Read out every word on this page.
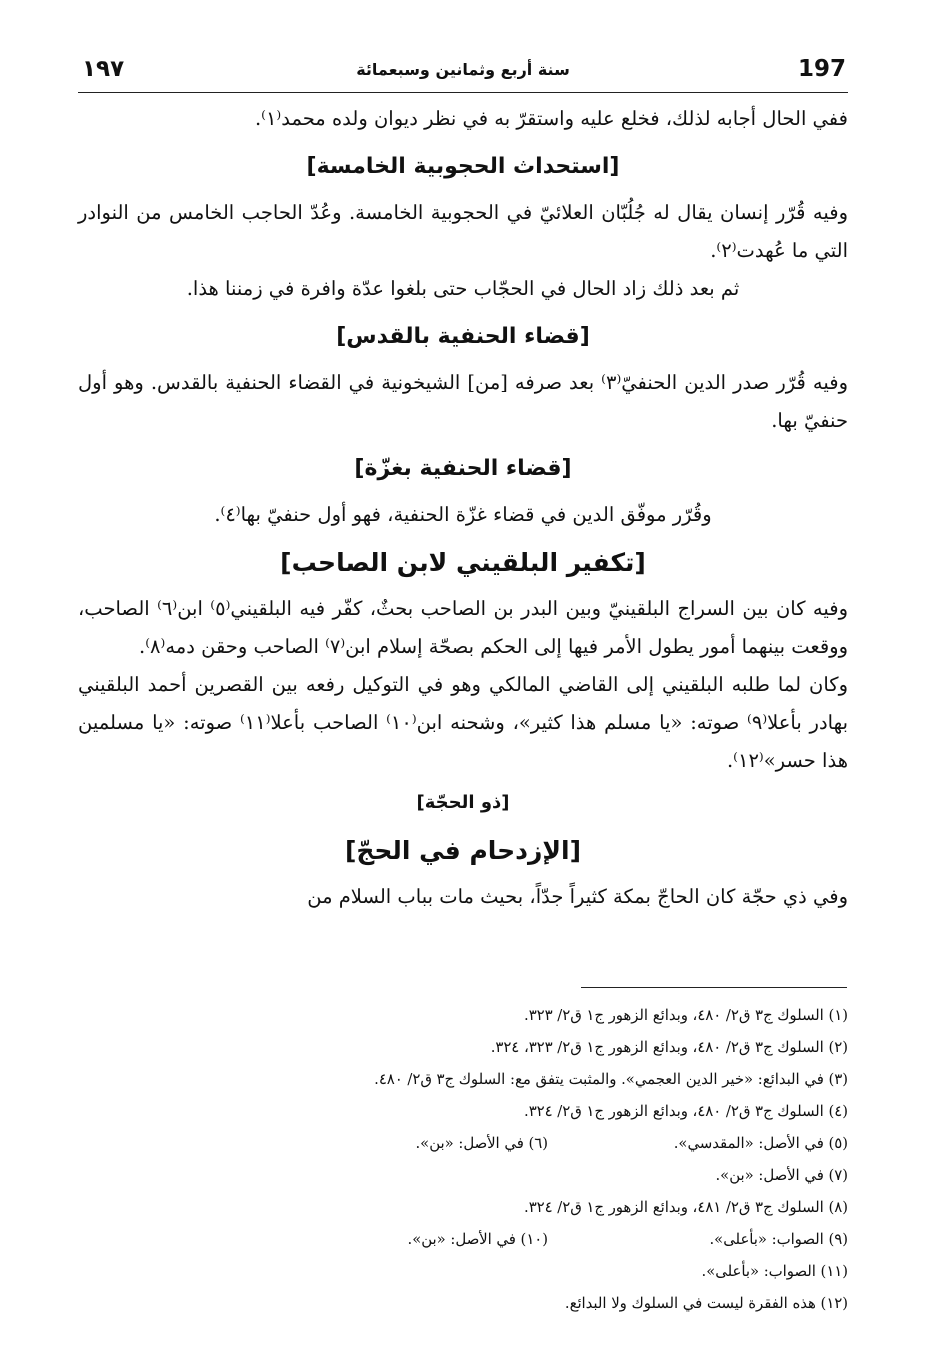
١٩٧	سنة أربع وثمانين وسبعمائة	197

ففي الحال أجابه لذلك، فخلع عليه واستقرّ به في نظر ديوان ولده محمد⁽١⁾.

[استحداث الحجوبية الخامسة]

وفيه قُرّر إنسان يقال له جُلُبّان العلائيّ في الحجوبية الخامسة. وعُدّ الحاجب الخامس من النوادر التي ما عُهدت⁽٢⁾.

ثم بعد ذلك زاد الحال في الحجّاب حتى بلغوا عدّة وافرة في زمننا هذا.

[قضاء الحنفية بالقدس]

وفيه قُرّر صدر الدين الحنفيّ⁽٣⁾ بعد صرفه [من] الشيخونية في القضاء الحنفية بالقدس. وهو أول حنفيّ بها.

[قضاء الحنفية بغزّة]

وقُرّر موفّق الدين في قضاء غزّة الحنفية، فهو أول حنفيّ بها⁽٤⁾.

[تكفير البلقيني لابن الصاحب]

وفيه كان بين السراج البلقينيّ وبين البدر بن الصاحب بحثٌ، كفّر فيه البلقيني⁽٥⁾ ابن⁽٦⁾ الصاحب، ووقعت بينهما أمور يطول الأمر فيها إلى الحكم بصحّة إسلام ابن⁽٧⁾ الصاحب وحقن دمه⁽٨⁾.

وكان لما طلبه البلقيني إلى القاضي المالكي وهو في التوكيل رفعه بين القصرين أحمد البلقيني بهادر بأعلا⁽٩⁾ صوته: «يا مسلم هذا كثير»، وشحنه ابن⁽١٠⁾ الصاحب بأعلا⁽١١⁾ صوته: «يا مسلمين هذا حسر»⁽١٢⁾.

[ذو الحجّة]
[الإزدحام في الحجّ]

وفي ذي حجّة كان الحاجّ بمكة كثيراً جدّاً، بحيث مات بباب السلام من

(١) السلوك ج٣ ق٢/ ٤٨٠، وبدائع الزهور ج١ ق٢/ ٣٢٣.
(٢) السلوك ج٣ ق٢/ ٤٨٠، وبدائع الزهور ج١ ق٢/ ٣٢٣، ٣٢٤.
(٣) في البدائع: «خير الدين العجمي». والمثبت يتفق مع: السلوك ج٣ ق٢/ ٤٨٠.
(٤) السلوك ج٣ ق٢/ ٤٨٠، وبدائع الزهور ج١ ق٢/ ٣٢٤.
(٥) في الأصل: «المقدسي».
(٦) في الأصل: «بن».
(٧) في الأصل: «بن».
(٨) السلوك ج٣ ق٢/ ٤٨١، وبدائع الزهور ج١ ق٢/ ٣٢٤.
(٩) الصواب: «بأعلى».
(١٠) في الأصل: «بن».
(١١) الصواب: «بأعلى».
(١٢) هذه الفقرة ليست في السلوك ولا البدائع.
